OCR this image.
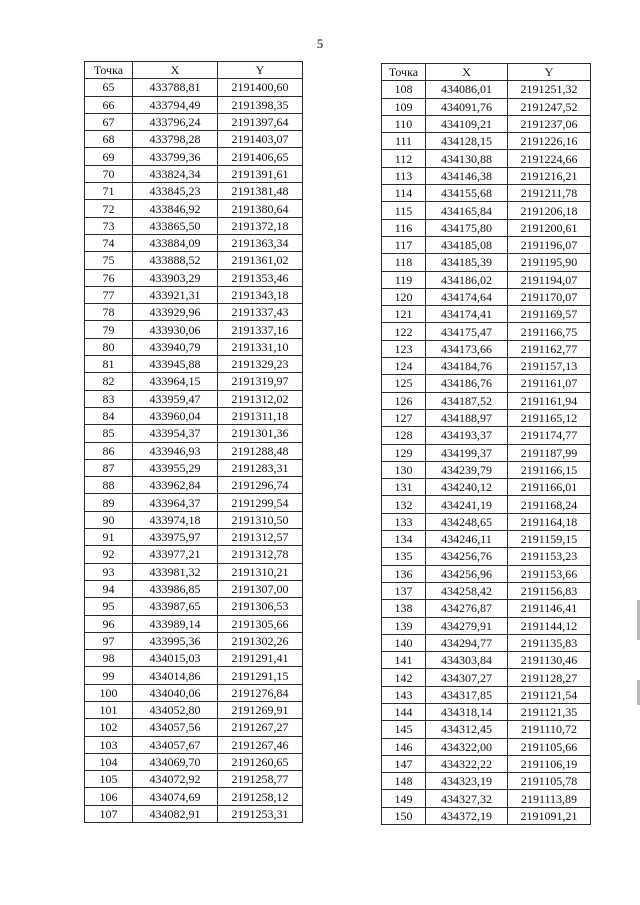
5
Точка	X	Y
65	433788,81	2191400,60
66	433794,49	2191398,35
67	433796,24	2191397,64
68	433798,28	2191403,07
69	433799,36	2191406,65
70	433824,34	2191391,61
71	433845,23	2191381,48
72	433846,92	2191380,64
73	433865,50	2191372,18
74	433884,09	2191363,34
75	433888,52	2191361,02
76	433903,29	2191353,46
77	433921,31	2191343,18
78	433929,96	2191337,43
79	433930,06	2191337,16
80	433940,79	2191331,10
81	433945,88	2191329,23
82	433964,15	2191319,97
83	433959,47	2191312,02
84	433960,04	2191311,18
85	433954,37	2191301,36
86	433946,93	2191288,48
87	433955,29	2191283,31
88	433962,84	2191296,74
89	433964,37	2191299,54
90	433974,18	2191310,50
91	433975,97	2191312,57
92	433977,21	2191312,78
93	433981,32	2191310,21
94	433986,85	2191307,00
95	433987,65	2191306,53
96	433989,14	2191305,66
97	433995,36	2191302,26
98	434015,03	2191291,41
99	434014,86	2191291,15
100	434040,06	2191276,84
101	434052,80	2191269,91
102	434057,56	2191267,27
103	434057,67	2191267,46
104	434069,70	2191260,65
105	434072,92	2191258,77
106	434074,69	2191258,12
107	434082,91	2191253,31
Точка	X	Y
108	434086,01	2191251,32
109	434091,76	2191247,52
110	434109,21	2191237,06
111	434128,15	2191226,16
112	434130,88	2191224,66
113	434146,38	2191216,21
114	434155,68	2191211,78
115	434165,84	2191206,18
116	434175,80	2191200,61
117	434185,08	2191196,07
118	434185,39	2191195,90
119	434186,02	2191194,07
120	434174,64	2191170,07
121	434174,41	2191169,57
122	434175,47	2191166,75
123	434173,66	2191162,77
124	434184,76	2191157,13
125	434186,76	2191161,07
126	434187,52	2191161,94
127	434188,97	2191165,12
128	434193,37	2191174,77
129	434199,37	2191187,99
130	434239,79	2191166,15
131	434240,12	2191166,01
132	434241,19	2191168,24
133	434248,65	2191164,18
134	434246,11	2191159,15
135	434256,76	2191153,23
136	434256,96	2191153,66
137	434258,42	2191156,83
138	434276,87	2191146,41
139	434279,91	2191144,12
140	434294,77	2191135,83
141	434303,84	2191130,46
142	434307,27	2191128,27
143	434317,85	2191121,54
144	434318,14	2191121,35
145	434312,45	2191110,72
146	434322,00	2191105,66
147	434322,22	2191106,19
148	434323,19	2191105,78
149	434327,32	2191113,89
150	434372,19	2191091,21
